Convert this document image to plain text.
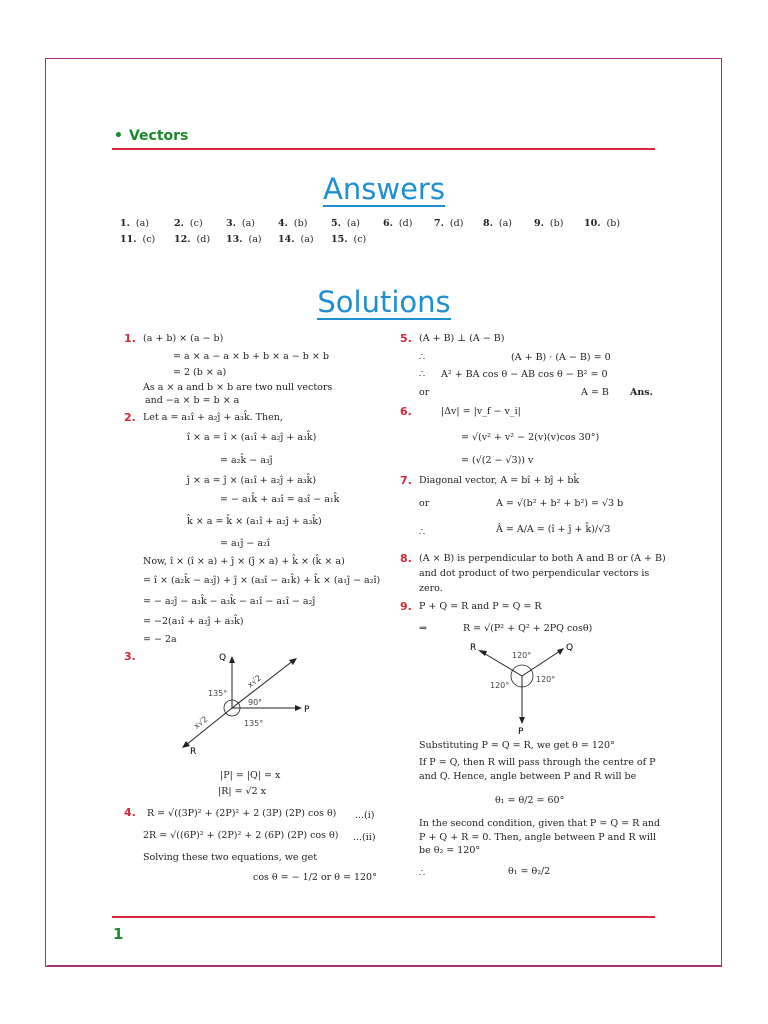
• Vectors
Answers
1. (a)	2. (c) 3. (a) 4. (b) 5. (a) 6. (d) 7. (d) 8. (a) 9. (b) 10. (b)
11. (c) 12. (d) 13. (a) 14. (a) 15. (c)
Solutions
1.
2.
3.
4.
5.
6.
7.
8.
9.
(a + b) × (a − b)
= a × a − a × b + b × a − b × b
= 2 (b × a)
As a × a and b × b are two null vectors
and −a × b = b × a
Let a = a₁î + a₂ĵ + a₃k̂. Then,
î × a = î × (a₁î + a₂ĵ + a₃k̂)
= a₂k̂ − a₃ĵ
ĵ × a = ĵ × (a₁î + a₂ĵ + a₃k̂)
= − a₁k̂ + a₃î = a₃î − a₁k̂
k̂ × a = k̂ × (a₁î + a₂ĵ + a₃k̂)
= a₁ĵ − a₂î
Now, î × (î × a) + ĵ × (ĵ × a) + k̂ × (k̂ × a)
= î × (a₂k̂ − a₃ĵ) + ĵ × (a₃î − a₁k̂) + k̂ × (a₁ĵ − a₂î)
= − a₂ĵ − a₃k̂ − a₃k̂ − a₁î − a₁î − a₂ĵ
= −2(a₁î + a₂ĵ + a₃k̂)
= − 2a
Q
P
R
135°
90°
135°
x√2
x√2
|P| = |Q| = x
|R| = √2 x
R = √((3P)² + (2P)² + 2 (3P) (2P) cos θ) ...(i)
2R = √((6P)² + (2P)² + 2 (6P) (2P) cos θ) ...(ii)
Solving these two equations, we get
cos θ = − 1/2 or θ = 120°
(A + B) ⊥ (A − B)
∴	(A + B) · (A − B) = 0
∴ A² + BA cos θ − AB cos θ − B² = 0
or	A = B Ans.
|Δv| = |v_f − v_i|
= √(v² + v² − 2(v)(v)cos 30°)
= (√(2 − √3)) v
Diagonal vector, A = bî + bĵ + bk̂
or	A = √(b² + b² + b²) = √3 b
∴	Â = A/A = (î + ĵ + k̂)/√3
(A × B) is perpendicular to both A and B or (A + B)
and dot product of two perpendicular vectors is
zero.
P + Q = R and P = Q = R
⇒	R = √(P² + Q² + 2PQ cosθ)
R	Q
P
120°
120°
120°
Substituting P = Q = R, we get θ = 120°
If P = Q, then R will pass through the centre of P
and Q. Hence, angle between P and R will be
θ₁ = θ/2 = 60°
In the second condition, given that P = Q = R and
P + Q + R = 0. Then, angle between P and R will
be θ₂ = 120°
∴	θ₁ = θ₂/2
1
